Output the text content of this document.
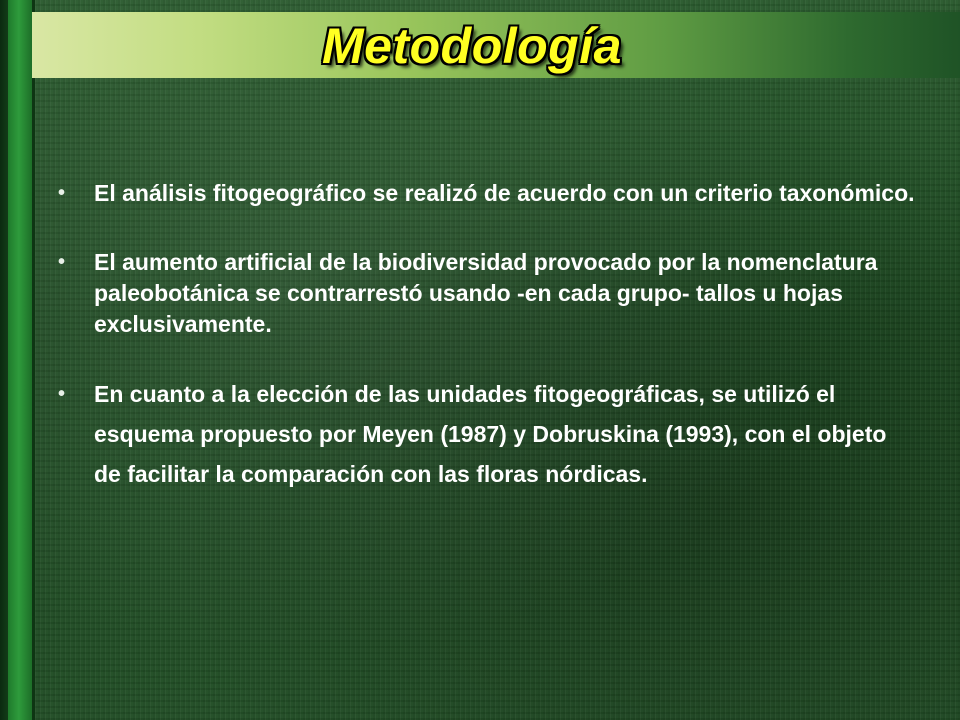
Metodología
• El análisis fitogeográfico se realizó de acuerdo con un criterio taxonómico.
• El aumento artificial de la biodiversidad provocado por la nomenclatura paleobotánica se contrarrestó usando -en cada grupo- tallos u hojas exclusivamente.
• En cuanto a la elección de las unidades fitogeográficas, se utilizó el esquema propuesto por Meyen (1987) y Dobruskina (1993), con el objeto de facilitar la comparación con las floras nórdicas.
